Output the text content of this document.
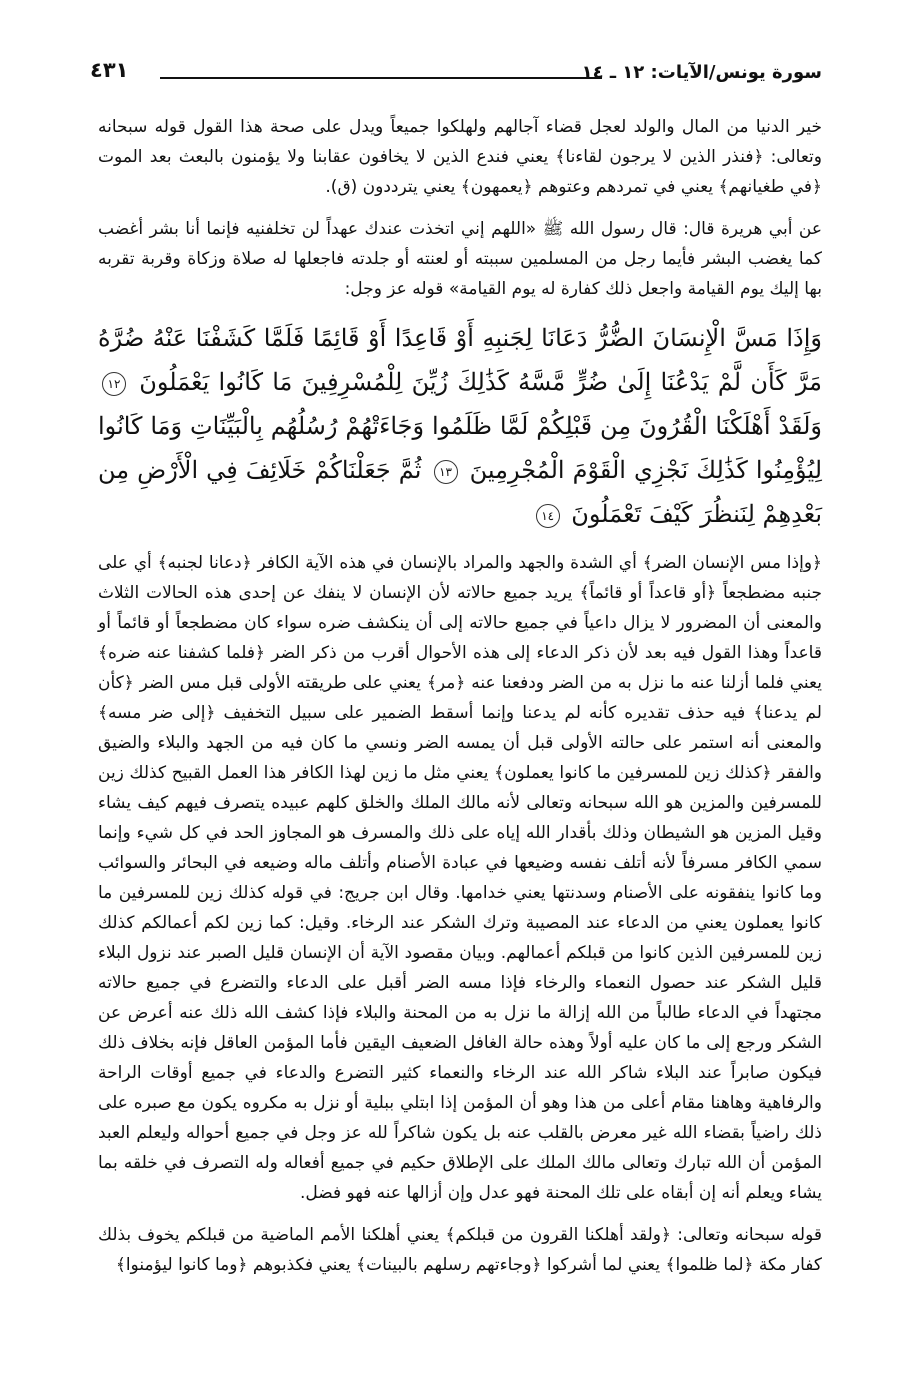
سورة يونس/الآيات: ١٢ ـ ١٤
٤٣١

خير الدنيا من المال والولد لعجل قضاء آجالهم ولهلكوا جميعاً ويدل على صحة هذا القول قوله سبحانه وتعالى: ﴿فنذر الذين لا يرجون لقاءنا﴾ يعني فندع الذين لا يخافون عقابنا ولا يؤمنون بالبعث بعد الموت ﴿في طغيانهم﴾ يعني في تمردهم وعتوهم ﴿يعمهون﴾ يعني يترددون (ق).

عن أبي هريرة قال: قال رسول الله ﷺ «اللهم إني اتخذت عندك عهداً لن تخلفنيه فإنما أنا بشر أغضب كما يغضب البشر فأيما رجل من المسلمين سببته أو لعنته أو جلدته فاجعلها له صلاة وزكاة وقربة تقربه بها إليك يوم القيامة واجعل ذلك كفارة له يوم القيامة» قوله عز وجل:

وَإِذَا مَسَّ الْإِنسَانَ الضُّرُّ دَعَانَا لِجَنبِهِ أَوْ قَاعِدًا أَوْ قَائِمًا فَلَمَّا كَشَفْنَا عَنْهُ ضُرَّهُ مَرَّ كَأَن لَّمْ يَدْعُنَا إِلَىٰ ضُرٍّ مَّسَّهُ كَذَٰلِكَ زُيِّنَ لِلْمُسْرِفِينَ مَا كَانُوا يَعْمَلُونَ ١٢ وَلَقَدْ أَهْلَكْنَا الْقُرُونَ مِن قَبْلِكُمْ لَمَّا ظَلَمُوا وَجَاءَتْهُمْ رُسُلُهُم بِالْبَيِّنَاتِ وَمَا كَانُوا لِيُؤْمِنُوا كَذَٰلِكَ نَجْزِي الْقَوْمَ الْمُجْرِمِينَ ١٣ ثُمَّ جَعَلْنَاكُمْ خَلَائِفَ فِي الْأَرْضِ مِن بَعْدِهِمْ لِنَنظُرَ كَيْفَ تَعْمَلُونَ ١٤

﴿وإذا مس الإنسان الضر﴾ أي الشدة والجهد والمراد بالإنسان في هذه الآية الكافر ﴿دعانا لجنبه﴾ أي على جنبه مضطجعاً ﴿أو قاعداً أو قائماً﴾ يريد جميع حالاته لأن الإنسان لا ينفك عن إحدى هذه الحالات الثلاث والمعنى أن المضرور لا يزال داعياً في جميع حالاته إلى أن ينكشف ضره سواء كان مضطجعاً أو قائماً أو قاعداً وهذا القول فيه بعد لأن ذكر الدعاء إلى هذه الأحوال أقرب من ذكر الضر ﴿فلما كشفنا عنه ضره﴾ يعني فلما أزلنا عنه ما نزل به من الضر ودفعنا عنه ﴿مر﴾ يعني على طريقته الأولى قبل مس الضر ﴿كأن لم يدعنا﴾ فيه حذف تقديره كأنه لم يدعنا وإنما أسقط الضمير على سبيل التخفيف ﴿إلى ضر مسه﴾ والمعنى أنه استمر على حالته الأولى قبل أن يمسه الضر ونسي ما كان فيه من الجهد والبلاء والضيق والفقر ﴿كذلك زين للمسرفين ما كانوا يعملون﴾ يعني مثل ما زين لهذا الكافر هذا العمل القبيح كذلك زين للمسرفين والمزين هو الله سبحانه وتعالى لأنه مالك الملك والخلق كلهم عبيده يتصرف فيهم كيف يشاء وقيل المزين هو الشيطان وذلك بأقدار الله إياه على ذلك والمسرف هو المجاوز الحد في كل شيء وإنما سمي الكافر مسرفاً لأنه أتلف نفسه وضيعها في عبادة الأصنام وأتلف ماله وضيعه في البحائر والسوائب وما كانوا ينفقونه على الأصنام وسدنتها يعني خدامها. وقال ابن جريج: في قوله كذلك زين للمسرفين ما كانوا يعملون يعني من الدعاء عند المصيبة وترك الشكر عند الرخاء. وقيل: كما زين لكم أعمالكم كذلك زين للمسرفين الذين كانوا من قبلكم أعمالهم. وبيان مقصود الآية أن الإنسان قليل الصبر عند نزول البلاء قليل الشكر عند حصول النعماء والرخاء فإذا مسه الضر أقبل على الدعاء والتضرع في جميع حالاته مجتهداً في الدعاء طالباً من الله إزالة ما نزل به من المحنة والبلاء فإذا كشف الله ذلك عنه أعرض عن الشكر ورجع إلى ما كان عليه أولاً وهذه حالة الغافل الضعيف اليقين فأما المؤمن العاقل فإنه بخلاف ذلك فيكون صابراً عند البلاء شاكر الله عند الرخاء والنعماء كثير التضرع والدعاء في جميع أوقات الراحة والرفاهية وهاهنا مقام أعلى من هذا وهو أن المؤمن إذا ابتلي ببلية أو نزل به مكروه يكون مع صبره على ذلك راضياً بقضاء الله غير معرض بالقلب عنه بل يكون شاكراً لله عز وجل في جميع أحواله وليعلم العبد المؤمن أن الله تبارك وتعالى مالك الملك على الإطلاق حكيم في جميع أفعاله وله التصرف في خلقه بما يشاء ويعلم أنه إن أبقاه على تلك المحنة فهو عدل وإن أزالها عنه فهو فضل.

قوله سبحانه وتعالى: ﴿ولقد أهلكنا القرون من قبلكم﴾ يعني أهلكنا الأمم الماضية من قبلكم يخوف بذلك كفار مكة ﴿لما ظلموا﴾ يعني لما أشركوا ﴿وجاءتهم رسلهم بالبينات﴾ يعني فكذبوهم ﴿وما كانوا ليؤمنوا﴾
